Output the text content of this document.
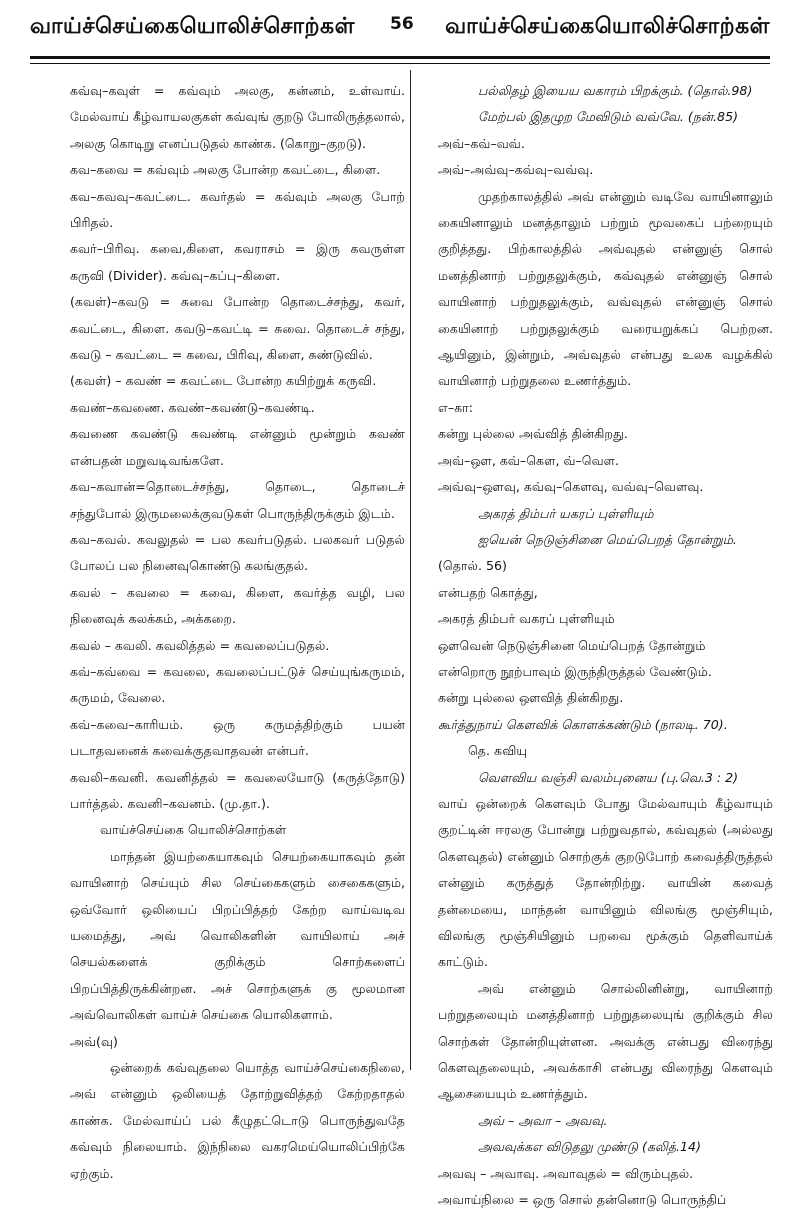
வாய்ச்செய்கையொலிச்சொற்கள் 56 வாய்ச்செய்கையொலிச்சொற்கள்

கவ்வு–கவுள் = கவ்வும் அலகு, கன்னம், உள்வாய். மேல்வாய் கீழ்வாயலகுகள் கவ்வுங் குறடு போலிருத்தலால், அலகு கொடிறு எனப்படுதல் காண்க. (கொறு–குறடு).

கவ–கவை = கவ்வும் அலகு போன்ற கவட்டை, கிளை.

கவ–கவவு–கவட்டை. கவர்தல் = கவ்வும் அலகு போற் பிரிதல்.

கவர்–பிரிவு. கவை,கிளை, கவராசம் = இரு கவருள்ள கருவி (Divider). கவ்வு–கப்பு–கிளை.

(கவள்)–கவடு = சுவை போன்ற தொடைச்சந்து, கவர், கவட்டை, கிளை. கவடு–கவட்டி = சுவை. தொடைச் சந்து, கவடு – கவட்டை = கவை, பிரிவு, கிளை, சுண்டுவில்.

(கவள்) – கவண் = கவட்டை போன்ற கயிற்றுக் கருவி.

கவண்–கவணை. கவண்–கவண்டு–கவண்டி.

கவணை கவண்டு கவண்டி என்னும் மூன்றும் கவண் என்பதன் மறுவடிவங்களே.

கவ–கவான்=தொடைச்சந்து, தொடை, தொடைச் சந்துபோல் இருமலைக்குவடுகள் பொருந்திருக்கும் இடம்.

கவ–கவல். கவலுதல் = பல கவர்படுதல். பலகவர் படுதல் போலப் பல நினைவுகொண்டு கலங்குதல்.

கவல் – கவலை = கவை, கிளை, கவர்த்த வழி, பல நினைவுக் கலக்கம், அக்கறை.

கவல் – கவலி. கவலித்தல் = கவலைப்படுதல்.

கவ்–கவ்வை = கவலை, கவலைப்பட்டுச் செய்யுங்கருமம், கருமம், வேலை.

கவ்–கவை–காரியம். ஒரு கருமத்திற்கும் பயன் படாதவனைக் கவைக்குதவாதவன் என்பர்.

கவலி–கவனி. கவனித்தல் = கவலையோடு (கருத்தோடு) பார்த்தல். கவனி–கவனம். (மு.தா.).

வாய்ச்செய்கை யொலிச்சொற்கள்

மாந்தன் இயற்கையாகவும் செயற்கையாகவும் தன் வாயினாற் செய்யும் சில செய்கைகளும் சைகைகளும், ஒவ்வோர் ஒலியைப் பிறப்பித்தற் கேற்ற வாய்வடிவ யமைத்து, அவ் வொலிகளின் வாயிலாய் அச் செயல்களைக் குறிக்கும் சொற்களைப் பிறப்பித்திருக்கின்றன. அச் சொற்களுக் கு மூலமான அவ்வொலிகள் வாய்ச் செய்கை யொலிகளாம்.

அவ்(வு)

ஒன்றைக் கவ்வுதலை யொத்த வாய்ச்செய்கைநிலை, அவ் என்னும் ஒலியைத் தோற்றுவித்தற் கேற்றதாதல் காண்க. மேல்வாய்ப் பல் கீழுதட்டொடு பொருந்துவதே கவ்வும் நிலையாம். இந்நிலை வகரமெய்யொலிப்பிற்கே ஏற்கும்.

பல்லிதழ் இயைய வகாரம் பிறக்கும். (தொல்.98)

மேற்பல் இதழுற மேவிடும் வவ்வே. (நன்.85)

அவ்–கவ்–வவ்.

அவ்–அவ்வு–கவ்வு–வவ்வு.

முதற்காலத்தில் அவ் என்னும் வடிவே வாயினாலும் கையினாலும் மனத்தாலும் பற்றும் மூவகைப் பற்றையும் குறித்தது. பிற்காலத்தில் அவ்வுதல் என்னுஞ் சொல் மனத்தினாற் பற்றுதலுக்கும், கவ்வுதல் என்னுஞ் சொல் வாயினாற் பற்றுதலுக்கும், வவ்வுதல் என்னுஞ் சொல் கையினாற் பற்றுதலுக்கும் வரையறுக்கப் பெற்றன. ஆயினும், இன்றும், அவ்வுதல் என்பது உலக வழக்கில் வாயினாற் பற்றுதலை உணர்த்தும்.

எ–கா:

கன்று புல்லை அவ்வித் தின்கிறது.

அவ்–ஔ, கவ்–கௌ, வ்–வௌ.

அவ்வு–ஔவு, கவ்வு–கௌவு, வவ்வு–வௌவு.

அகரத் திம்பர் யகரப் புள்ளியும்

ஐயென் நெடுஞ்சினை மெய்பெறத் தோன்றும்.

(தொல். 56)

என்பதற் கொத்து,

அகரத் திம்பர் வகரப் புள்ளியும்

ஔவென் நெடுஞ்சினை மெய்பெறத் தோன்றும்

என்றொரு நூற்பாவும் இருந்திருத்தல் வேண்டும்.

கன்று புல்லை ஔவித் தின்கிறது.

கூர்த்துநாய் கௌவிக் கொளக்கண்டும் (நாலடி. 70).

தெ. கவியு

வௌவிய வஞ்சி வலம்புனைய (பு.வெ.3 : 2)

வாய் ஒன்றைக் கௌவும் போது மேல்வாயும் கீழ்வாயும் குறட்டின் ஈரலகு போன்று பற்றுவதால், கவ்வுதல் (அல்லது கௌவுதல்) என்னும் சொற்குக் குறடுபோற் கவைத்திருத்தல் என்னும் கருத்துத் தோன்றிற்று. வாயின் கவைத் தன்மையை, மாந்தன் வாயினும் விலங்கு மூஞ்சியும், விலங்கு மூஞ்சியினும் பறவை மூக்கும் தெளிவாய்க் காட்டும்.

அவ் என்னும் சொல்லினின்று, வாயினாற் பற்றுதலையும் மனத்தினாற் பற்றுதலையுங் குறிக்கும் சில சொற்கள் தோன்றியுள்ளன. அவக்கு என்பது விரைந்து கௌவுதலையும், அவக்காசி என்பது விரைந்து கௌவும் ஆசையையும் உணர்த்தும்.

அவ் – அவா – அவவு.

அவவுக்கஎ விடுதலு முண்டு (கலித்.14)

அவவு – அவாவு. அவாவுதல் = விரும்புதல்.

அவாய்நிலை = ஒரு சொல் தன்னொடு பொருந்திப்
